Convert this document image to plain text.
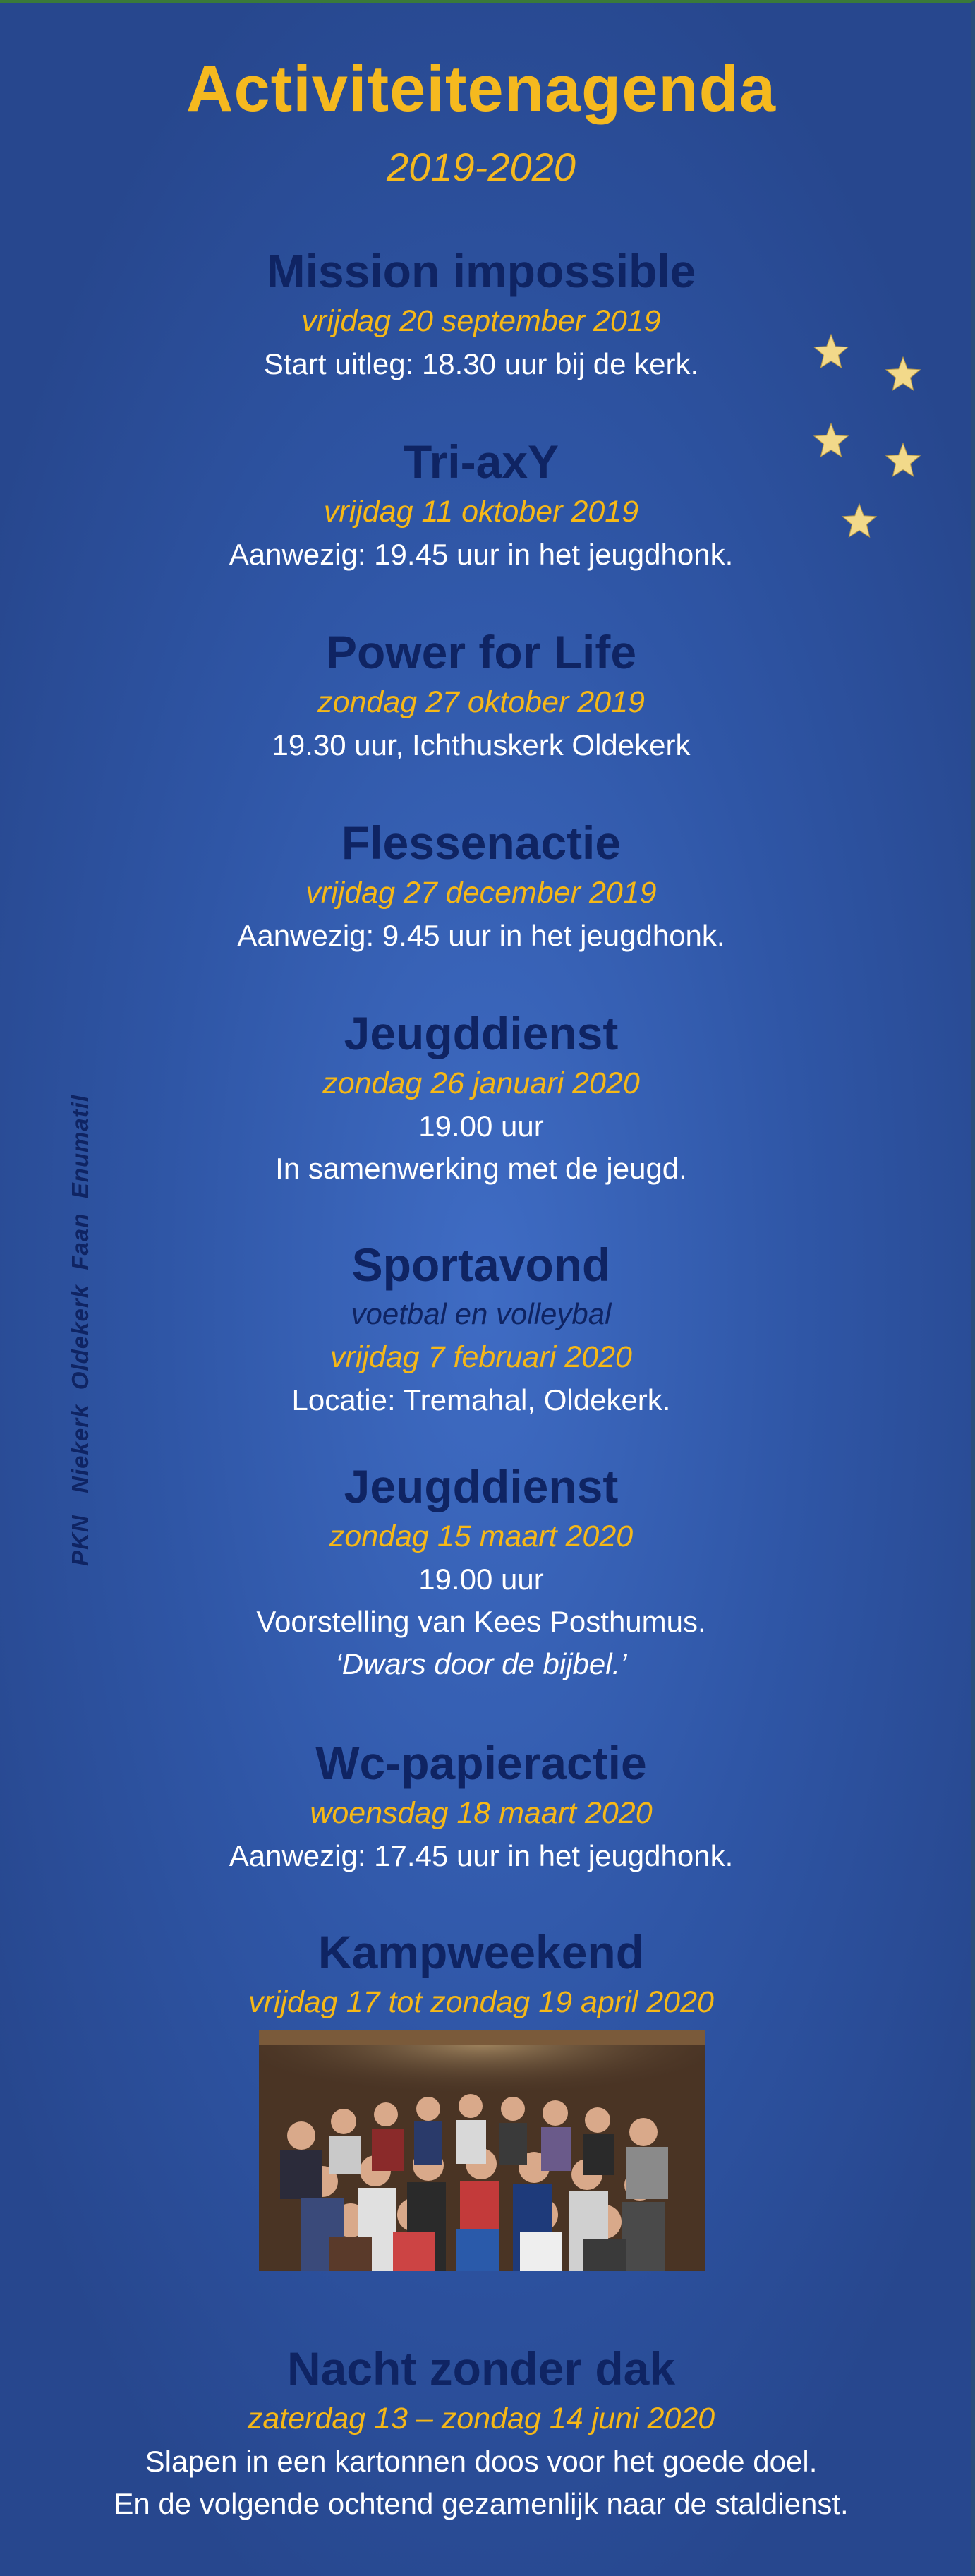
Activiteitenagenda
2019-2020
PKN   Niekerk  Oldekerk  Faan  Enumatil
Mission impossible
vrijdag 20 september 2019
Start uitleg: 18.30 uur bij de kerk.
Tri-axY
vrijdag 11 oktober 2019
Aanwezig: 19.45 uur in het jeugdhonk.
Power for Life
zondag 27 oktober 2019
19.30 uur, Ichthuskerk Oldekerk
Flessenactie
vrijdag 27 december 2019
Aanwezig: 9.45 uur in het jeugdhonk.
Jeugddienst
zondag 26 januari 2020
19.00 uur
In samenwerking met de jeugd.
Sportavond
voetbal en volleybal
vrijdag 7 februari 2020
Locatie: Tremahal, Oldekerk.
Jeugddienst
zondag 15 maart 2020
19.00 uur
Voorstelling van Kees Posthumus.
‘Dwars door de bijbel.’
Wc-papieractie
woensdag 18 maart 2020
Aanwezig: 17.45 uur in het jeugdhonk.
Kampweekend
vrijdag 17 tot zondag 19 april 2020
Nacht zonder dak
zaterdag 13 – zondag 14 juni 2020
Slapen in een kartonnen doos voor het goede doel.
En de volgende ochtend gezamenlijk naar de staldienst.
